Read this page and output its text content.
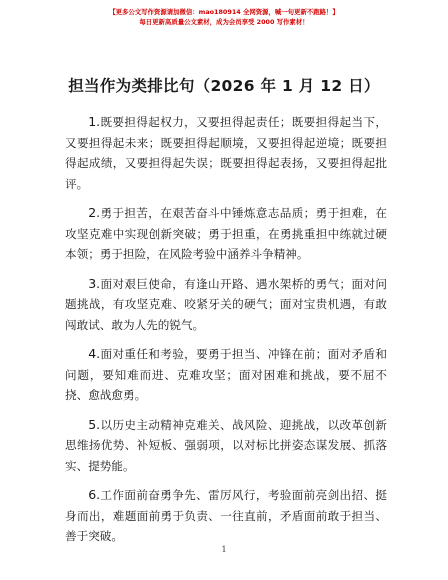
【更多公文写作资源请加微信：mao180914 全网资源，喊一句更新不跑路！】
每日更新高质量公文素材，成为会员享受 2000 写作素材！
担当作为类排比句（2026 年 1 月 12 日）

1.既要担得起权力，又要担得起责任；既要担得起当下，又要担得起未来；既要担得起顺境，又要担得起逆境；既要担得起成绩，又要担得起失误；既要担得起表扬，又要担得起批评。

2.勇于担苦，在艰苦奋斗中锤炼意志品质；勇于担难，在攻坚克难中实现创新突破；勇于担重，在勇挑重担中练就过硬本领；勇于担险，在风险考验中涵养斗争精神。

3.面对艰巨使命，有逢山开路、遇水架桥的勇气；面对问题挑战，有攻坚克难、咬紧牙关的硬气；面对宝贵机遇，有敢闯敢试、敢为人先的锐气。

4.面对重任和考验，要勇于担当、冲锋在前；面对矛盾和问题，要知难而进、克难攻坚；面对困难和挑战，要不屈不挠、愈战愈勇。

5.以历史主动精神克难关、战风险、迎挑战，以改革创新思维扬优势、补短板、强弱项，以对标比拼姿态谋发展、抓落实、提势能。

6.工作面前奋勇争先、雷厉风行，考验面前亮剑出招、挺身而出，难题面前勇于负责、一往直前，矛盾面前敢于担当、善于突破。

1
